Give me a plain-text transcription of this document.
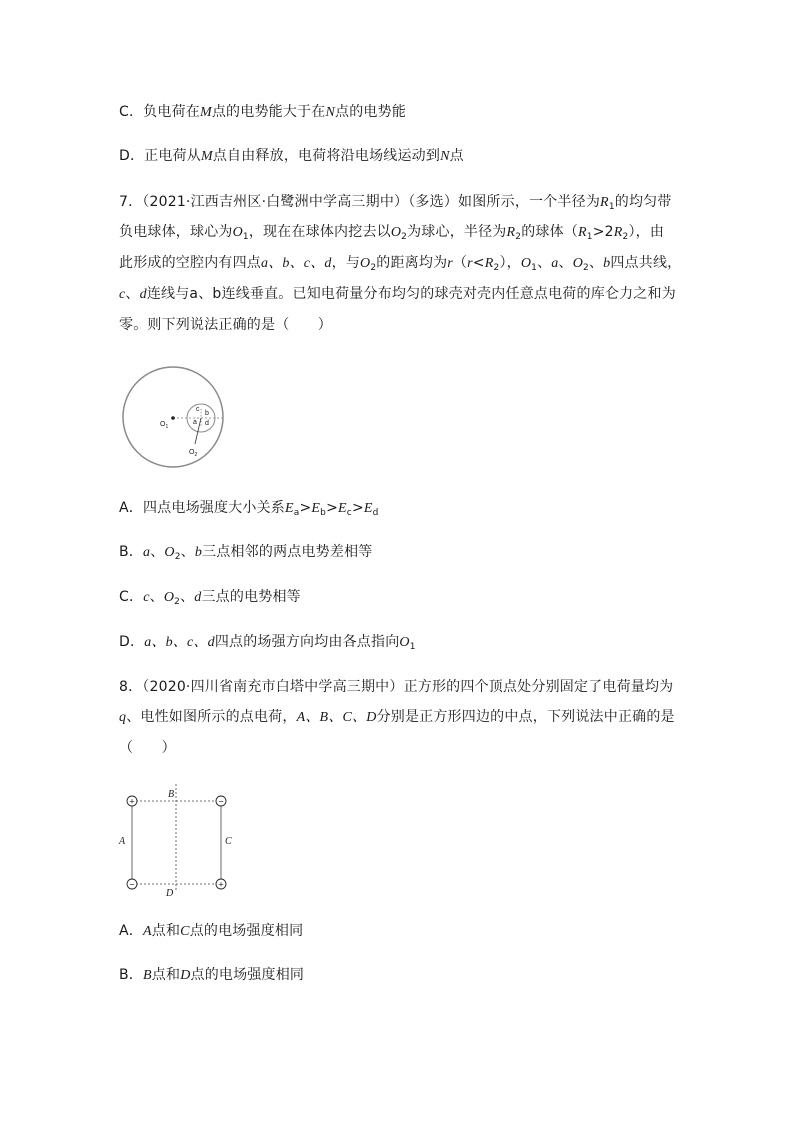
C．负电荷在M点的电势能大于在N点的电势能
D．正电荷从M点自由释放，电荷将沿电场线运动到N点
7．（2021·江西吉州区·白鹭洲中学高三期中）（多选）如图所示，一个半径为$R_1$的均匀带
负电球体，球心为$O_1$，现在在球体内挖去以$O_2$为球心，半径为$R_2$的球体$(R_1>2R_2)$，由
此形成的空腔内有四点a、b、c、d，与$O_2$的距离均为$r(r<R_2)$，$O_1$、a、$O_2$、b四点共线，
c、d连线与a、b连线垂直。已知电荷量分布均匀的球壳对壳内任意点电荷的库仑力之和为
零。则下列说法正确的是（　　）
$O_1$
c
b
a d
$O_2$
A．四点电场强度大小关系$E_a>E_b>E_c>E_d$
B．a、$O_2$、b三点相邻的两点电势差相等
C．c、$O_2$、d三点的电势相等
D．a、b、c、d四点的场强方向均由各点指向$O_1$
8．（2020·四川省南充市白塔中学高三期中）正方形的四个顶点处分别固定了电荷量均为
q、电性如图所示的点电荷，A、B、C、D分别是正方形四边的中点，下列说法中正确的是
（　　）
+	−
−	+
A
B
C
D
A．A点和C点的电场强度相同
B．B点和D点的电场强度相同
